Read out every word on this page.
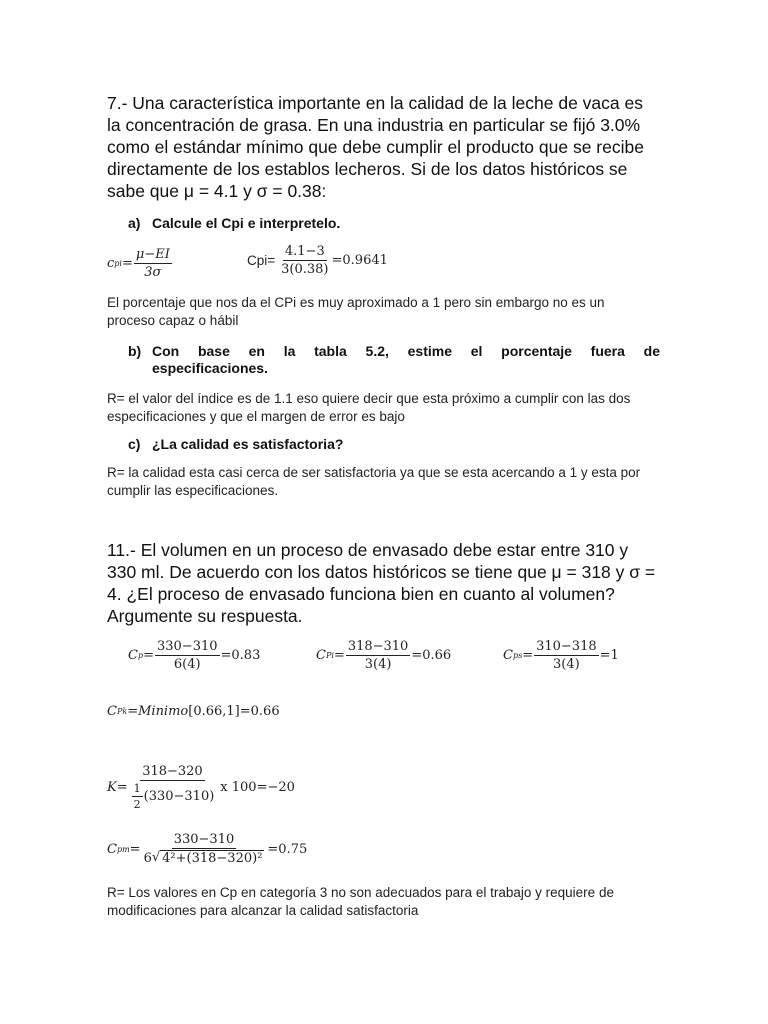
7.- Una característica importante en la calidad de la leche de vaca es
la concentración de grasa. En una industria en particular se fijó 3.0%
como el estándar mínimo que debe cumplir el producto que se recibe
directamente de los establos lecheros. Si de los datos históricos se
sabe que μ = 4.1 y σ = 0.38:
a) Calcule el Cpi e interpretelo.
c pi = $\frac{\mu-EI}{3\sigma}$	$Cpi= \frac{4.1-3}{3(0.38)} =0.9641$
El porcentaje que nos da el CPi es muy aproximado a 1 pero sin embargo no es un
proceso capaz o hábil
b) Con base en la tabla 5.2, estime el porcentaje fuera de
especificaciones.
R= el valor del índice es de 1.1 eso quiere decir que esta próximo a cumplir con las dos
especificaciones y que el margen de error es bajo
c) ¿La calidad es satisfactoria?
R= la calidad esta casi cerca de ser satisfactoria ya que se esta acercando a 1 y esta por
cumplir las especificaciones.
11.- El volumen en un proceso de envasado debe estar entre 310 y
330 ml. De acuerdo con los datos históricos se tiene que μ = 318 y σ =
4. ¿El proceso de envasado funciona bien en cuanto al volumen?
Argumente su respuesta.
C $p = \frac{330-310}{6(4)} =0.83$	C $Pi = \frac{318-310}{3(4)} =0.66$	C ps = $\frac{310-318}{3(4)} =1$
C Pk = Minimo [0.66,1] =0.66
$K = \frac{318-320}{\frac{1}{2} (330-310)}$ x 100=−20
C pm = $\frac{330-310}{\text{6 √ 4²+(318−320)²}} =0.75$
R= Los valores en Cp en categoría 3 no son adecuados para el trabajo y requiere de
modificaciones para alcanzar la calidad satisfactoria
